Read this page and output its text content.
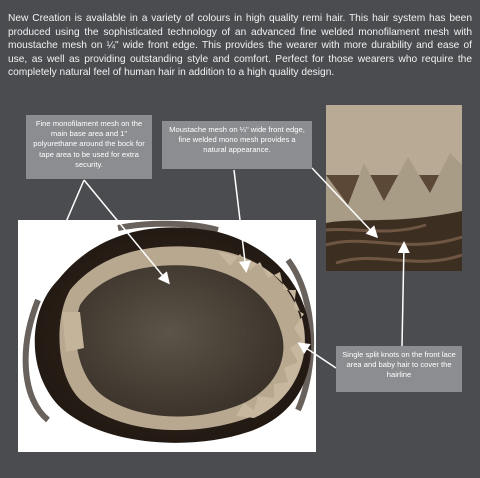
New Creation is available in a variety of colours in high quality remi hair. This hair system has been produced using the sophisticated technology of an advanced fine welded monofilament mesh with moustache mesh on ¼" wide front edge. This provides the wearer with more durability and ease of use, as well as providing outstanding style and comfort. Perfect for those wearers who require the completely natural feel of human hair in addition to a high quality design.

Fine monofilament mesh on the main base area and 1" polyurethane around the bock for tape area to be used for extra security.
Moustache mesh on ¼" wide front edge, fine welded mono mesh provides a natural appearance.
Single split knots on the front lace area and baby hair to cover the hairline
